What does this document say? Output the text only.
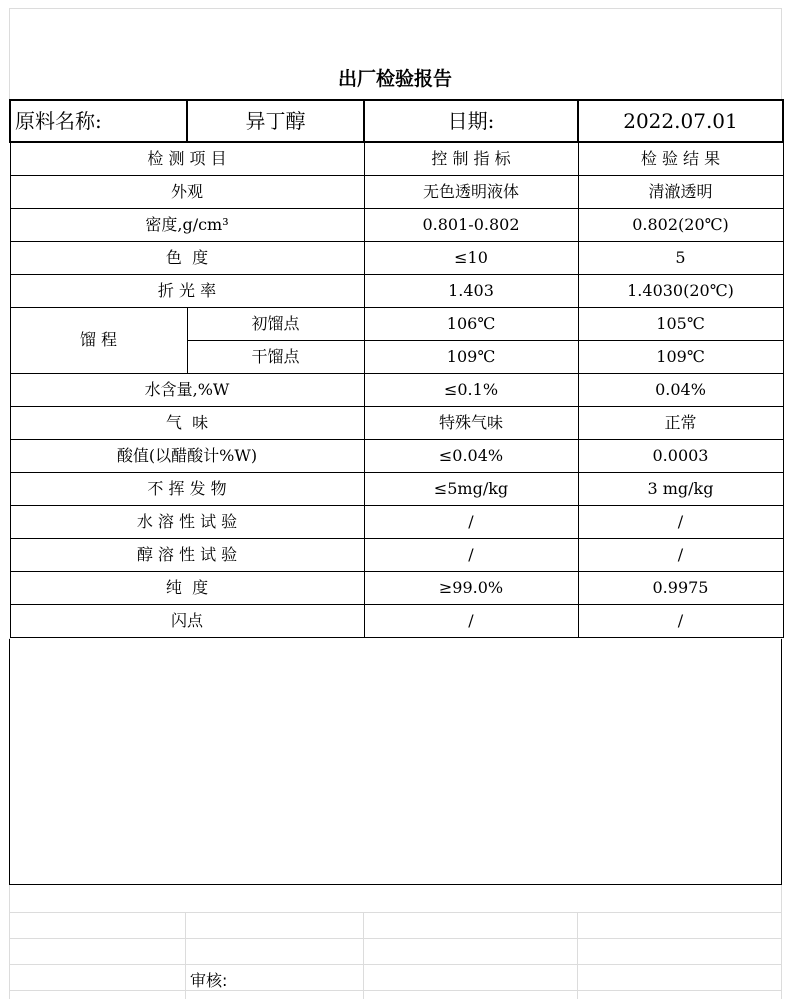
出厂检验报告
原料名称:	异丁醇	日期:	2022.07.01
检 测 项 目		控 制 指 标	检 验 结 果
外观		无色透明液体	清澈透明
密度,g/cm³		0.801-0.802	0.802(20℃)
色  度		≤10	5
折 光 率		1.403	1.4030(20℃)
馏 程	初馏点	106℃	105℃
	干馏点	109℃	109℃
水含量,%W		≤0.1%	0.04%
气  味		特殊气味	正常
酸值(以醋酸计%W)		≤0.04%	0.0003
不 挥 发 物		≤5mg/kg	3 mg/kg
水 溶 性 试 验		/	/
醇 溶 性 试 验		/	/
纯  度		≥99.0%	0.9975
闪点		/	/
审核:
